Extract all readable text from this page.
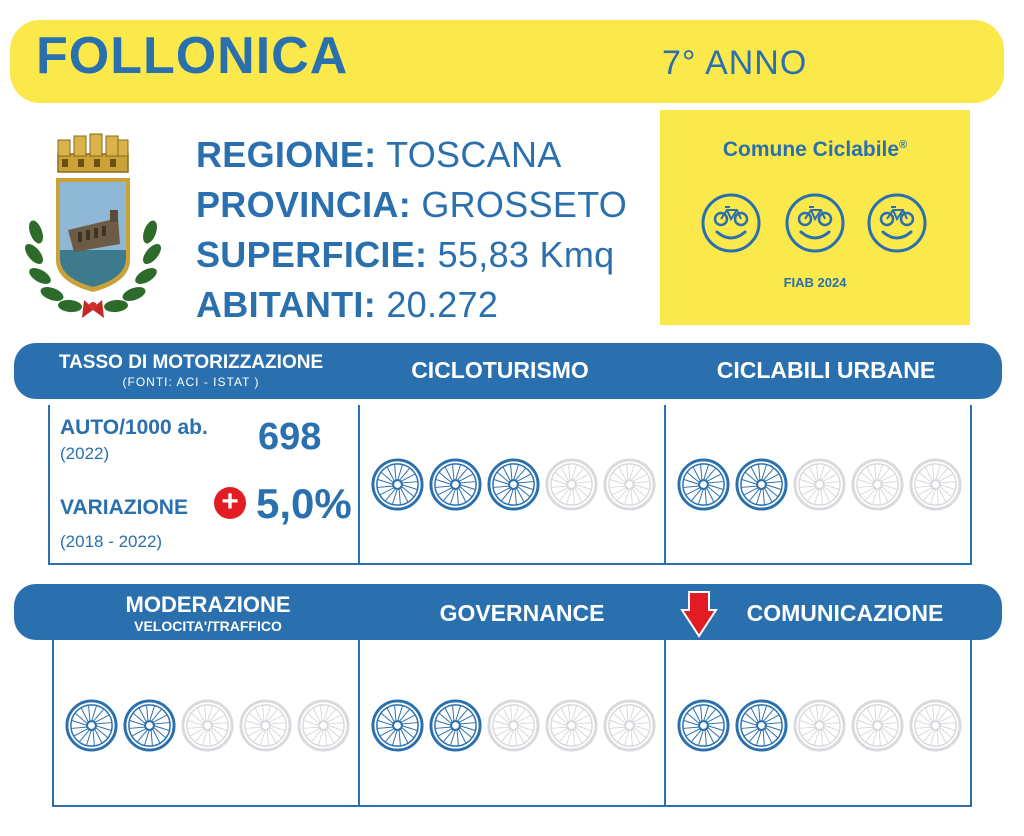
FOLLONICA	7° ANNO
REGIONE: TOSCANA
PROVINCIA: GROSSETO
SUPERFICIE: 55,83 Kmq
ABITANTI: 20.272
Comune Ciclabile®
FIAB 2024
TASSO DI MOTORIZZAZIONE
(FONTI: ACI - ISTAT )	CICLOTURISMO	CICLABILI URBANE
AUTO/1000 ab. 698
(2022)
VARIAZIONE + 5,0%
(2018 - 2022)
MODERAZIONE
VELOCITA'/TRAFFICO	GOVERNANCE	COMUNICAZIONE
